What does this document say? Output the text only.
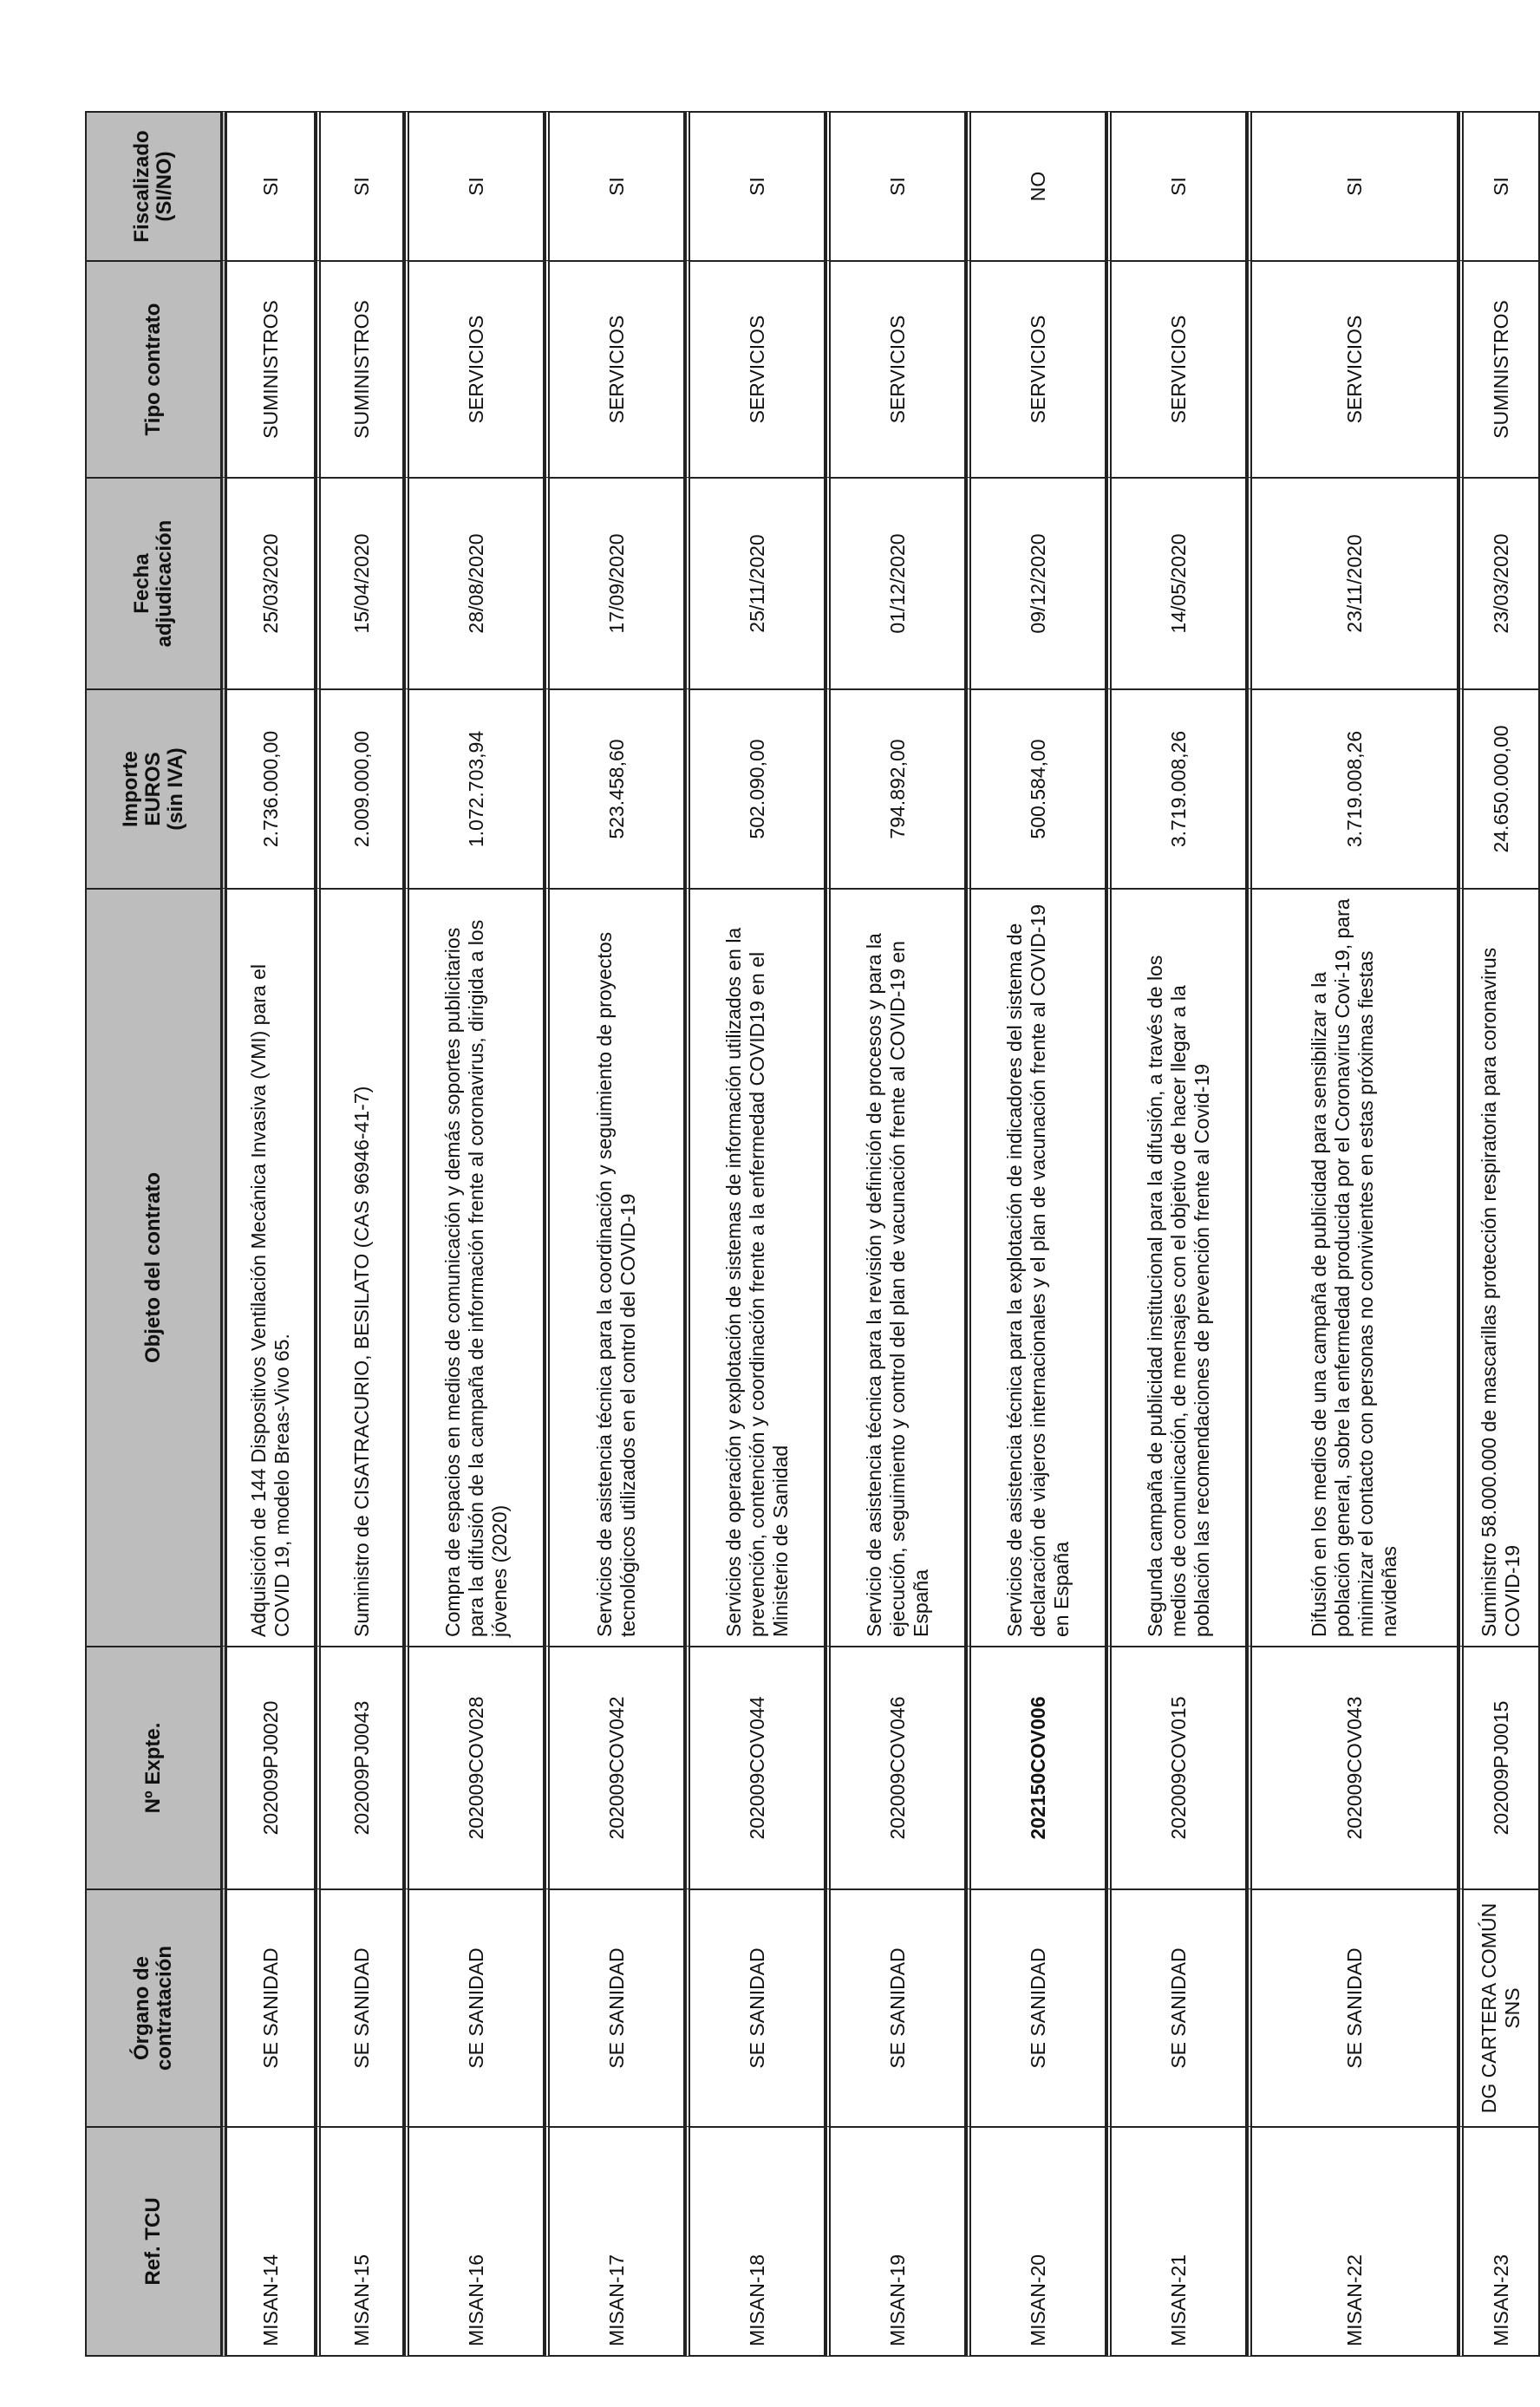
Ref. TCU	Órgano de contratación	Nº Expte.	Objeto del contrato	Importe EUROS (sin IVA)	Fecha adjudicación	Tipo contrato	Fiscalizado (SI/NO)

MISAN-14	SE SANIDAD	202009PJ0020	Adquisición de 144 Dispositivos Ventilación Mecánica Invasiva (VMI) para el COVID 19, modelo Breas-Vivo 65.	2.736.000,00	25/03/2020	SUMINISTROS	SI
MISAN-15	SE SANIDAD	202009PJ0043	Suministro de CISATRACURIO, BESILATO (CAS 96946-41-7)	2.009.000,00	15/04/2020	SUMINISTROS	SI
MISAN-16	SE SANIDAD	202009COV028	Compra de espacios en medios de comunicación y demás soportes publicitarios para la difusión de la campaña de información frente al coronavirus, dirigida a los jóvenes (2020)	1.072.703,94	28/08/2020	SERVICIOS	SI
MISAN-17	SE SANIDAD	202009COV042	Servicios de asistencia técnica para la coordinación y seguimiento de proyectos tecnológicos utilizados en el control del COVID-19	523.458,60	17/09/2020	SERVICIOS	SI
MISAN-18	SE SANIDAD	202009COV044	Servicios de operación y explotación de sistemas de información utilizados en la prevención, contención y coordinación frente a la enfermedad COVID19 en el Ministerio de Sanidad	502.090,00	25/11/2020	SERVICIOS	SI
MISAN-19	SE SANIDAD	202009COV046	Servicio de asistencia técnica para la revisión y definición de procesos y para la ejecución, seguimiento y control del plan de vacunación frente al COVID-19 en España	794.892,00	01/12/2020	SERVICIOS	SI
MISAN-20	SE SANIDAD	202150COV006	Servicios de asistencia técnica para la explotación de indicadores del sistema de declaración de viajeros internacionales y el plan de vacunación frente al COVID-19 en España	500.584,00	09/12/2020	SERVICIOS	NO
MISAN-21	SE SANIDAD	202009COV015	Segunda campaña de publicidad institucional para la difusión, a través de los medios de comunicación, de mensajes con el objetivo de hacer llegar a la población las recomendaciones de prevención frente al Covid-19	3.719.008,26	14/05/2020	SERVICIOS	SI
MISAN-22	SE SANIDAD	202009COV043	Difusión en los medios de una campaña de publicidad para sensibilizar a la población general, sobre la enfermedad producida por el Coronavirus Covi-19, para minimizar el contacto con personas no convivientes en estas próximas fiestas navideñas	3.719.008,26	23/11/2020	SERVICIOS	SI
MISAN-23	DG CARTERA COMÚN SNS	202009PJ0015	Suministro 58.000.000 de mascarillas protección respiratoria para coronavirus COVID-19	24.650.000,00	23/03/2020	SUMINISTROS	SI
